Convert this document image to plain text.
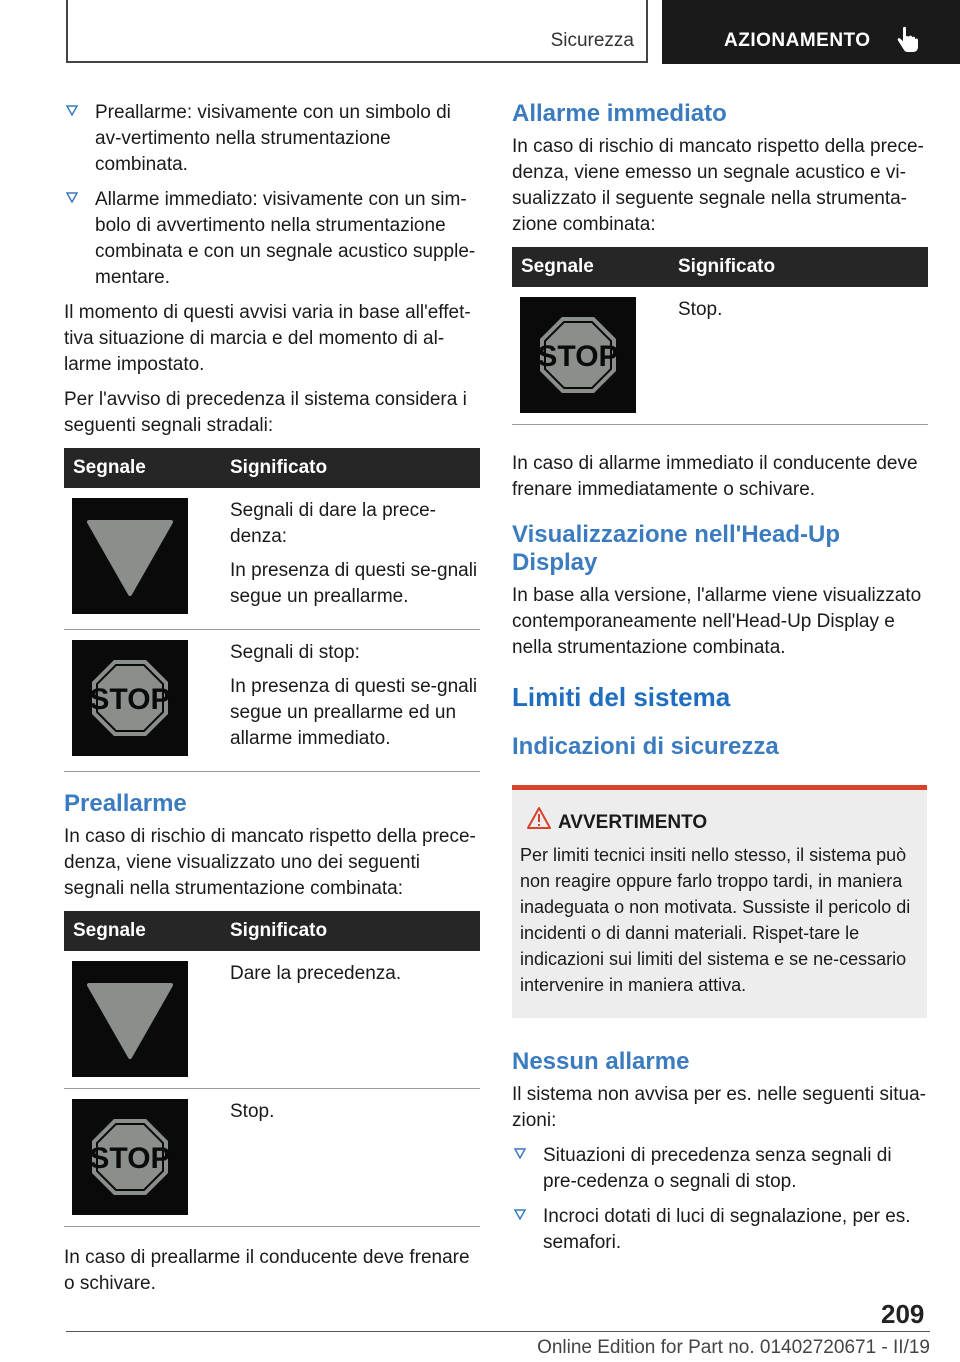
Sicurezza	AZIONAMENTO
Preallarme: visivamente con un simbolo di av-vertimento nella strumentazione combinata.
Allarme immediato: visivamente con un sim-bolo di avvertimento nella strumentazione combinata e con un segnale acustico supple-mentare.

Il momento di questi avvisi varia in base all'effet-tiva situazione di marcia e del momento di al-larme impostato.

Per l'avviso di precedenza il sistema considera i seguenti segnali stradali:

Segnale	Significato

Segnali di dare la prece-denza:

In presenza di questi se-gnali segue un preallarme.

STOP	Segnali di stop:

In presenza di questi se-gnali segue un preallarme ed un allarme immediato.

Preallarme

In caso di rischio di mancato rispetto della prece-denza, viene visualizzato uno dei seguenti segnali nella strumentazione combinata:

Segnale	Significato

Dare la precedenza.

STOP	Stop.

In caso di preallarme il conducente deve frenare o schivare.

Allarme immediato

In caso di rischio di mancato rispetto della prece-denza, viene emesso un segnale acustico e vi-sualizzato il seguente segnale nella strumenta-zione combinata:

Segnale	Significato

STOP	Stop.

In caso di allarme immediato il conducente deve frenare immediatamente o schivare.

Visualizzazione nell'Head-Up Display

In base alla versione, l'allarme viene visualizzato contemporaneamente nell'Head-Up Display e nella strumentazione combinata.

Limiti del sistema
Indicazioni di sicurezza
AVVERTIMENTO

Per limiti tecnici insiti nello stesso, il sistema può non reagire oppure farlo troppo tardi, in maniera inadeguata o non motivata. Sussiste il pericolo di incidenti o di danni materiali. Rispet-tare le indicazioni sui limiti del sistema e se ne-cessario intervenire in maniera attiva.

Nessun allarme

Il sistema non avvisa per es. nelle seguenti situa-zioni:

Situazioni di precedenza senza segnali di pre-cedenza o segnali di stop.
Incroci dotati di luci di segnalazione, per es. semafori.
209
Online Edition for Part no. 01402720671 - II/19
